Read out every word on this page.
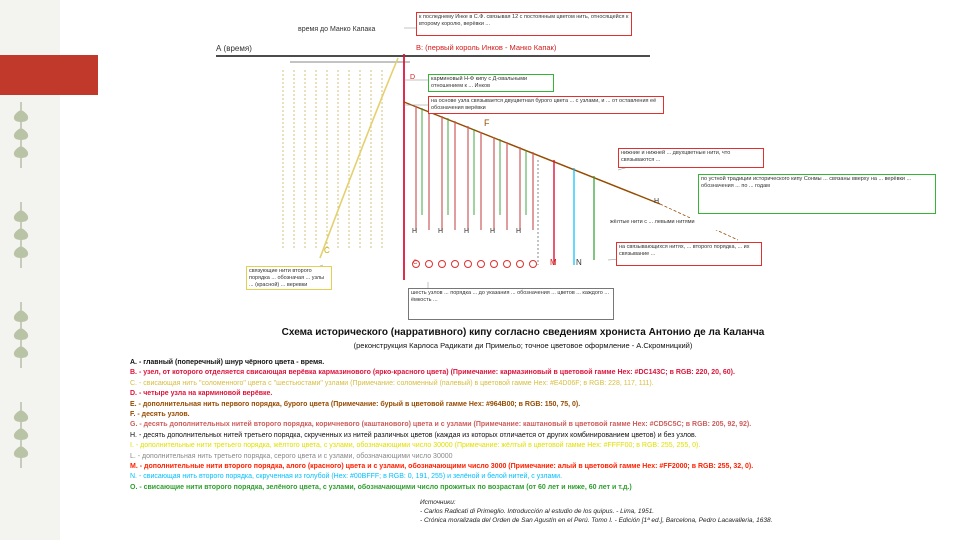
А (время)
время до Манко Капака
В: (первый король Инков - Манко Капак)
D
F
С
M N
H
С
H	H	H	H	H
к последнему Инке в С.Ф. связывая 12 с постоянным цветом нить, относящейся к второму королю, верёвки ...
карминовый Н-Ф кипу с Д-овальными отношением к ... Инков
на основе узла связывается двуцветная бурого цвета ... с узлами, и ... от оставления её обозначения верёвки
нижние и нижней ... двухцветные нити, что связываются ...
по устной традиции исторического кипу Сонмы ... связаны вверху на ... верёвки ... обозначения ... по ... годам
жёлтые нити с ... левыми нитями
на связывающихся нитях, ... второго порядка, ... их связывание ...
связующие нити второго порядка ... обозначая ... узлы ... (красной) ... веревки
шесть узлов ... порядка ... до указания ... обозначения ... цветов ... каждого ... ёмкость ...
Схема исторического (нарративного) кипу согласно сведениям хрониста Антонио де ла Каланча
(реконструкция Карлоса Радикати ди Примельо; точное цветовое оформление - А.Скромницкий)
A. - главный (поперечный) шнур чёрного цвета - время.
B. - узел, от которого отделяется свисающая верёвка кармазинового (ярко-красного цвета) (Примечание: кармазиновый в цветовой гамме Hex: #DC143C; в RGB: 220, 20, 60).
C. - свисающая нить "соломенного" цвета с "шестьюстами" узлами (Примечание: соломенный (палевый) в цветовой гамме Hex: #E4D06F; в RGB: 228, 117, 111).
D. - четыре узла на карминовой верёвке.
E. - дополнительная нить первого порядка, бурого цвета (Примечание: бурый в цветовой гамме Hex: #964B00; в RGB: 150, 75, 0).
F. - десять узлов.
G. - десять дополнительных нитей второго порядка, коричневого (каштанового) цвета и с узлами (Примечание: каштановый в цветовой гамме Hex: #CD5C5C; в RGB: 205, 92, 92).
H. - десять дополнительных нитей третьего порядка, скрученных из нитей различных цветов (каждая из которых отличается от других комбинированием цветов) и без узлов.
I. - дополнительные нити третьего порядка, жёлтого цвета, с узлами, обозначающими число 30000 (Примечание: жёлтый в цветовой гамме Hex: #FFFF00; в RGB: 255, 255, 0).
L. - дополнительная нить третьего порядка, серого цвета и с узлами, обозначающими число 30000
M. - дополнительные нити второго порядка, алого (красного) цвета и с узлами, обозначающими число 3000 (Примечание: алый в цветовой гамме Hex: #FF2000; в RGB: 255, 32, 0).
N. - свисающая нить второго порядка, скрученная из голубой (Hex: #00BFFF; в RGB: 0, 191, 255) и зелёной и белой нитей, с узлами.
O. - свисающие нити второго порядка, зелёного цвета, с узлами, обозначающими число прожитых по возрастам (от 60 лет и ниже, 60 лет и т.д.)
Источники:
- Carlos Radicati di Primeglio. Introducción al estudio de los quipus. - Lima, 1951.
- Crónica moralizada del Orden de San Agustín en el Perú. Tomo I. - Edición [1ª ed.], Barcelona, Pedro Lacavalleria, 1638.
